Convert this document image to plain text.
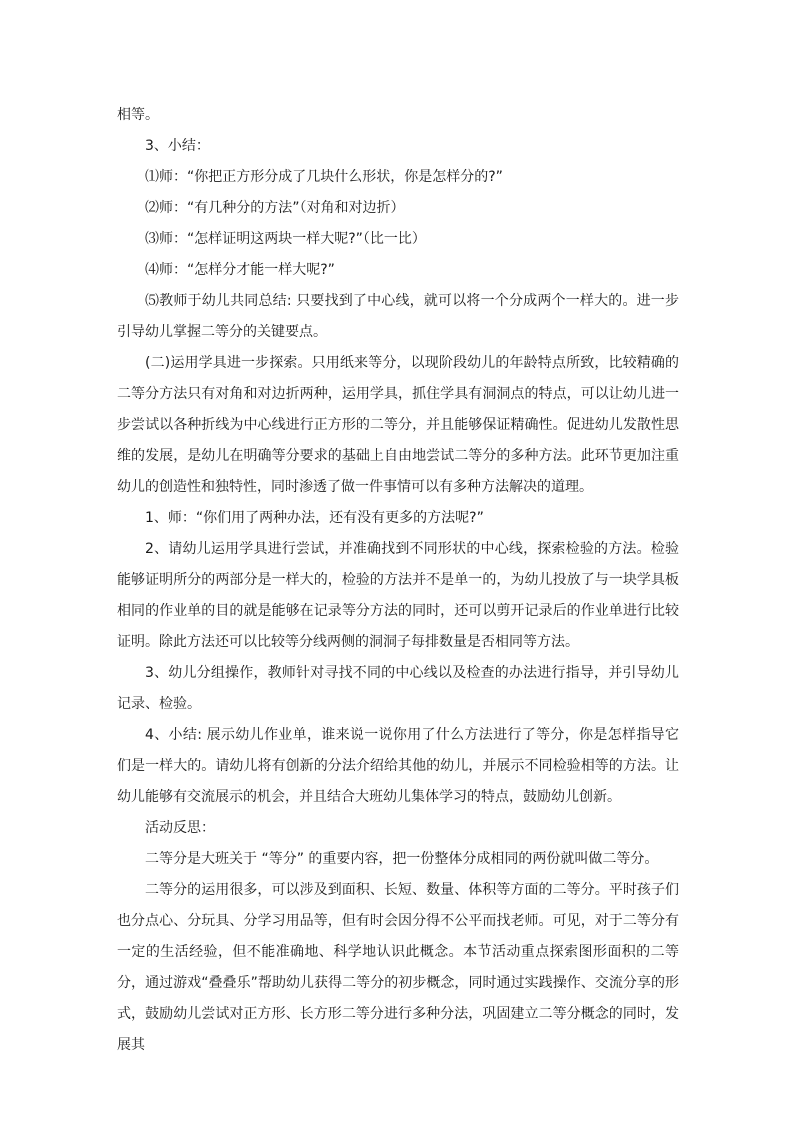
相等。

3、小结：

⑴师：“你把正方形分成了几块什么形状，你是怎样分的?”

⑵师：“有几种分的方法”（对角和对边折）

⑶师：“怎样证明这两块一样大呢?”（比一比）

⑷师：“怎样分才能一样大呢?”

⑸教师于幼儿共同总结: 只要找到了中心线，就可以将一个分成两个一样大的。进一步引导幼儿掌握二等分的关键要点。

(二)运用学具进一步探索。只用纸来等分，以现阶段幼儿的年龄特点所致，比较精确的二等分方法只有对角和对边折两种，运用学具，抓住学具有洞洞点的特点，可以让幼儿进一步尝试以各种折线为中心线进行正方形的二等分，并且能够保证精确性。促进幼儿发散性思维的发展，是幼儿在明确等分要求的基础上自由地尝试二等分的多种方法。此环节更加注重幼儿的创造性和独特性，同时渗透了做一件事情可以有多种方法解决的道理。

1、师：“你们用了两种办法，还有没有更多的方法呢?”

2、请幼儿运用学具进行尝试，并准确找到不同形状的中心线，探索检验的方法。检验能够证明所分的两部分是一样大的，检验的方法并不是单一的，为幼儿投放了与一块学具板相同的作业单的目的就是能够在记录等分方法的同时，还可以剪开记录后的作业单进行比较证明。除此方法还可以比较等分线两侧的洞洞子每排数量是否相同等方法。

3、幼儿分组操作，教师针对寻找不同的中心线以及检查的办法进行指导，并引导幼儿记录、检验。

4、小结: 展示幼儿作业单，谁来说一说你用了什么方法进行了等分，你是怎样指导它们是一样大的。请幼儿将有创新的分法介绍给其他的幼儿，并展示不同检验相等的方法。让幼儿能够有交流展示的机会，并且结合大班幼儿集体学习的特点，鼓励幼儿创新。

活动反思：

二等分是大班关于 “等分” 的重要内容，把一份整体分成相同的两份就叫做二等分。

二等分的运用很多，可以涉及到面积、长短、数量、体积等方面的二等分。平时孩子们也分点心、分玩具、分学习用品等，但有时会因分得不公平而找老师。可见，对于二等分有一定的生活经验，但不能准确地、科学地认识此概念。本节活动重点探索图形面积的二等分，通过游戏“叠叠乐”帮助幼儿获得二等分的初步概念，同时通过实践操作、交流分享的形式，鼓励幼儿尝试对正方形、长方形二等分进行多种分法，巩固建立二等分概念的同时，发展其
